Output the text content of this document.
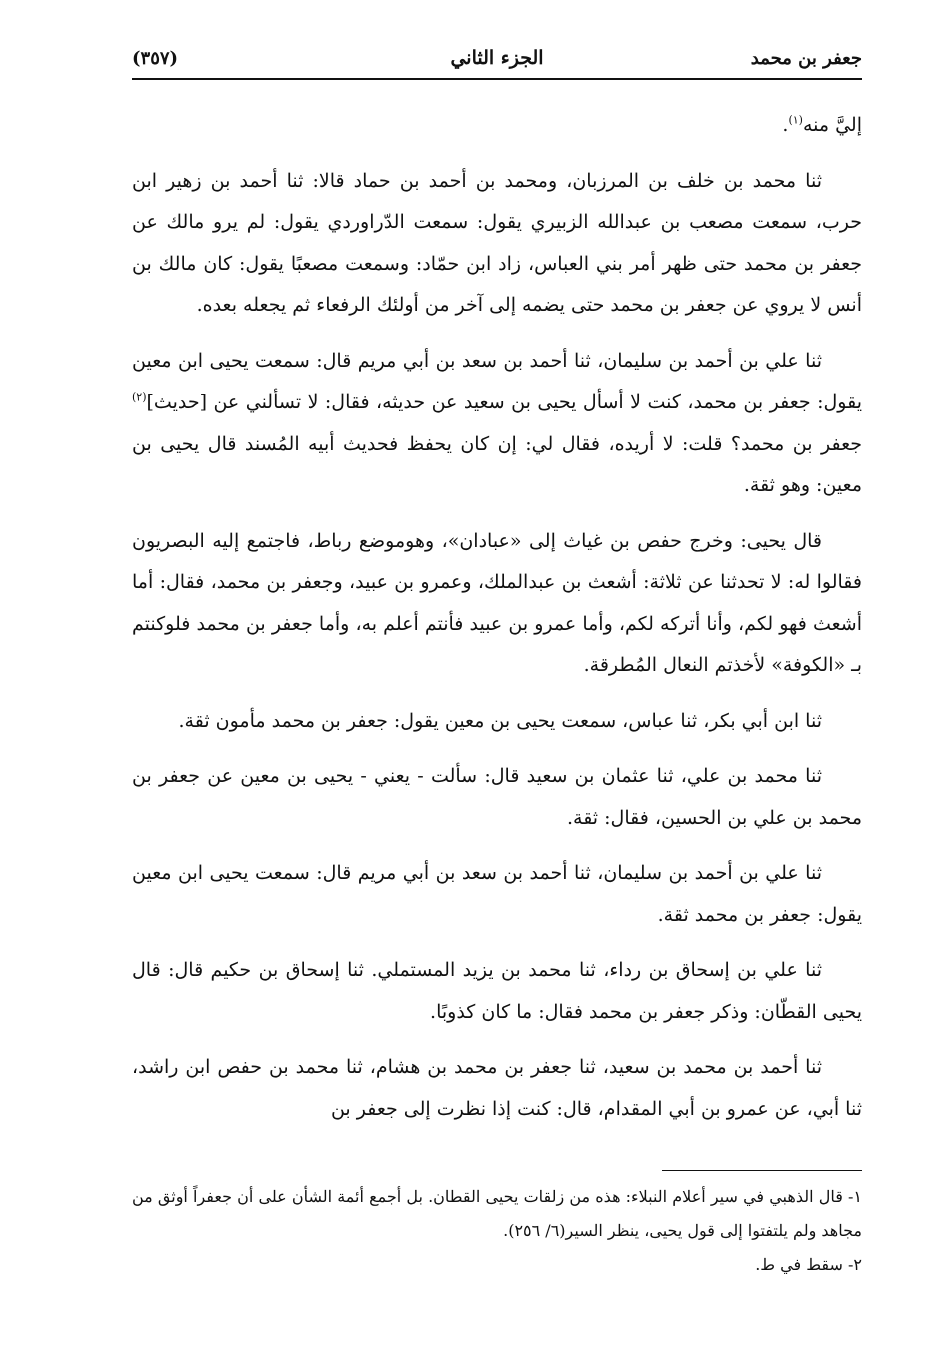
جعفر بن محمد
الجزء الثاني
(٣٥٧)

إليَّ منه$^{(١)}$.

ثنا محمد بن خلف بن المرزبان، ومحمد بن أحمد بن حماد قالا: ثنا أحمد بن زهير ابن حرب، سمعت مصعب بن عبدالله الزبيري يقول: سمعت الدّراوردي يقول: لم يرو مالك عن جعفر بن محمد حتى ظهر أمر بني العباس، زاد ابن حمّاد: وسمعت مصعبًا يقول: كان مالك بن أنس لا يروي عن جعفر بن محمد حتى يضمه إلى آخر من أولئك الرفعاء ثم يجعله بعده.

ثنا علي بن أحمد بن سليمان، ثنا أحمد بن سعد بن أبي مريم قال: سمعت يحيى ابن معين يقول: جعفر بن محمد، كنت لا أسأل يحيى بن سعيد عن حديثه، فقال: لا تسألني عن [حديث]$^{(٢)}$ جعفر بن محمد؟ قلت: لا أريده، فقال لي: إن كان يحفظ فحديث أبيه المُسند قال يحيى بن معين: وهو ثقة.

قال يحيى: وخرج حفص بن غياث إلى «عبادان»، وهوموضع رباط، فاجتمع إليه البصريون فقالوا له: لا تحدثنا عن ثلاثة: أشعث بن عبدالملك، وعمرو بن عبيد، وجعفر بن محمد، فقال: أما أشعث فهو لكم، وأنا أتركه لكم، وأما عمرو بن عبيد فأنتم أعلم به، وأما جعفر بن محمد فلوكنتم بـ «الكوفة» لأخذتم النعال المُطرقة.

ثنا ابن أبي بكر، ثنا عباس، سمعت يحيى بن معين يقول: جعفر بن محمد مأمون ثقة.

ثنا محمد بن علي، ثنا عثمان بن سعيد قال: سألت - يعني - يحيى بن معين عن جعفر بن محمد بن علي بن الحسين، فقال: ثقة.

ثنا علي بن أحمد بن سليمان، ثنا أحمد بن سعد بن أبي مريم قال: سمعت يحيى ابن معين يقول: جعفر بن محمد ثقة.

ثنا علي بن إسحاق بن رداء، ثنا محمد بن يزيد المستملي. ثنا إسحاق بن حكيم قال: قال يحيى القطّان: وذكر جعفر بن محمد فقال: ما كان كذوبًا.

ثنا أحمد بن محمد بن سعيد، ثنا جعفر بن محمد بن هشام، ثنا محمد بن حفص ابن راشد، ثنا أبي، عن عمرو بن أبي المقدام، قال: كنت إذا نظرت إلى جعفر بن

١- قال الذهبي في سير أعلام النبلاء: هذه من زلقات يحيى القطان. بل أجمع أئمة الشأن على أن جعفراً أوثق من مجاهد ولم يلتفتوا إلى قول يحيى، ينظر السير(٦/ ٢٥٦).

٢- سقط في ط.
